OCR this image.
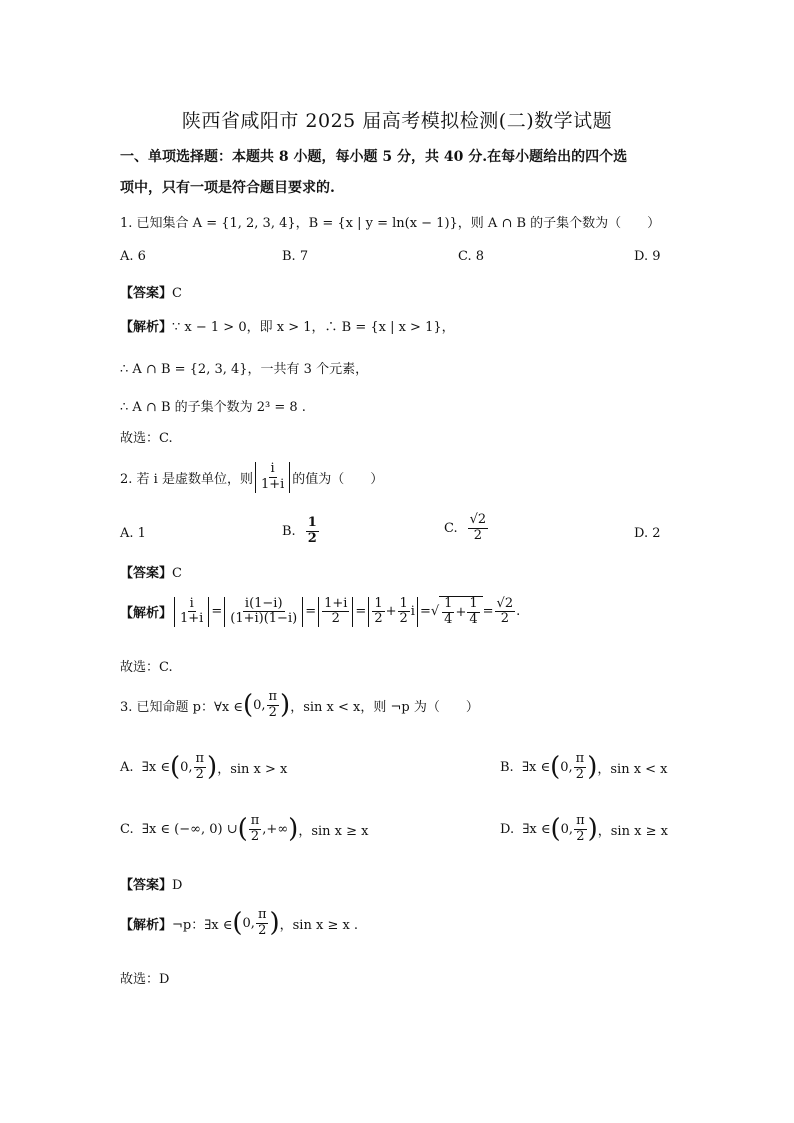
陕西省咸阳市 2025 届高考模拟检测(二)数学试题
一、单项选择题：本题共 8 小题，每小题 5 分，共 40 分.在每小题给出的四个选
项中，只有一项是符合题目要求的.
1. 已知集合 A = {1, 2, 3, 4}，B = {x | y = ln(x − 1)}，则 A ∩ B 的子集个数为（　　）
A. 6	B. 7	C. 8	D. 9
【答案】C
【解析】∵ x − 1 > 0，即 x > 1，∴ B = {x | x > 1}，
∴ A ∩ B = {2, 3, 4}，一共有 3 个元素，
∴ A ∩ B 的子集个数为 2³ = 8 .
故选：C.
2. 若 i 是虚数单位，则 $\frac{i}{1+i}$ 的值为（　　）
A. 1	B. $\frac{1}{2}$	C. $\frac{√2}{2}$	D. 2
【答案】C
【解析】 $\frac{i}{1+i} = \frac{i(1-i)}{(1+i)(1-i)} = \frac{1+i}{2} = \frac{1}{2} + \frac{1}{2}$ i = √ $\frac{1}{4} + \frac{1}{4} = \frac{√2}{2}$ .
故选：C.
3. 已知命题 p：∀x ∈ ( 0, $\frac{\pi}{2}$ ) ，sin x < x，则 ¬p 为（　　）
A.
∃x ∈ ( 0, $\frac{\pi}{2}$ ) ，sin x > x	B.
∃x ∈ ( 0, $\frac{\pi}{2}$ ) ，sin x < x
C.
∃x ∈ (−∞, 0) ∪ ( $\frac{\pi}{2}$ ,+∞ ) ，sin x ≥ x	D.
∃x ∈ ( 0, $\frac{\pi}{2}$ ) ，sin x ≥ x
【答案】D
【解析】 ¬p：∃x ∈ ( 0, $\frac{\pi}{2}$ ) ，sin x ≥ x .
故选：D
